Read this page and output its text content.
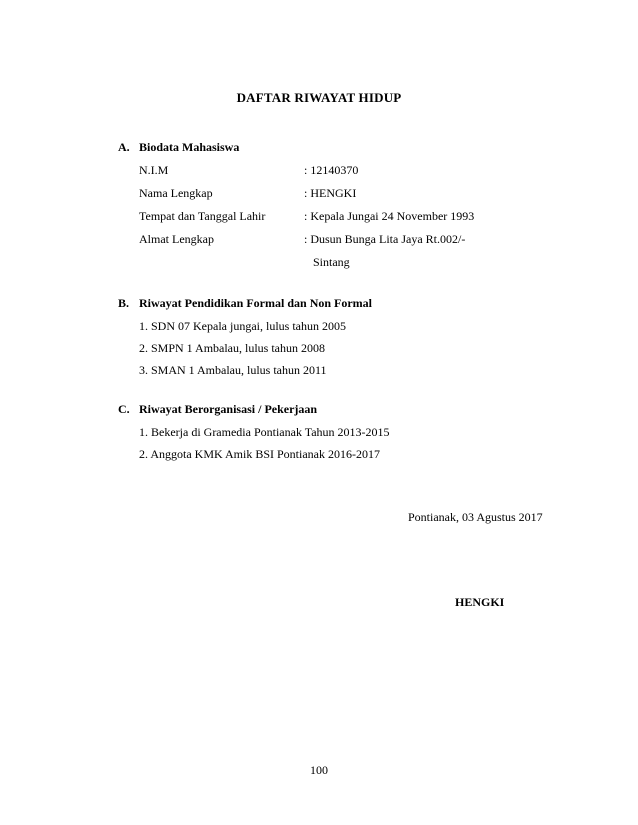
DAFTAR RIWAYAT HIDUP
A. Biodata Mahasiswa
N.I.M	: 12140370
Nama Lengkap	: HENGKI
Tempat dan Tanggal Lahir	: Kepala Jungai 24 November 1993
Almat Lengkap	: Dusun Bunga Lita Jaya Rt.002/-
Sintang
B. Riwayat Pendidikan Formal dan Non Formal
1. SDN 07 Kepala jungai, lulus tahun 2005
2. SMPN 1 Ambalau, lulus tahun 2008
3. SMAN 1 Ambalau, lulus tahun 2011
C. Riwayat Berorganisasi / Pekerjaan
1. Bekerja di Gramedia Pontianak Tahun 2013-2015
2. Anggota KMK Amik BSI Pontianak 2016-2017
Pontianak, 03 Agustus 2017
HENGKI
100
